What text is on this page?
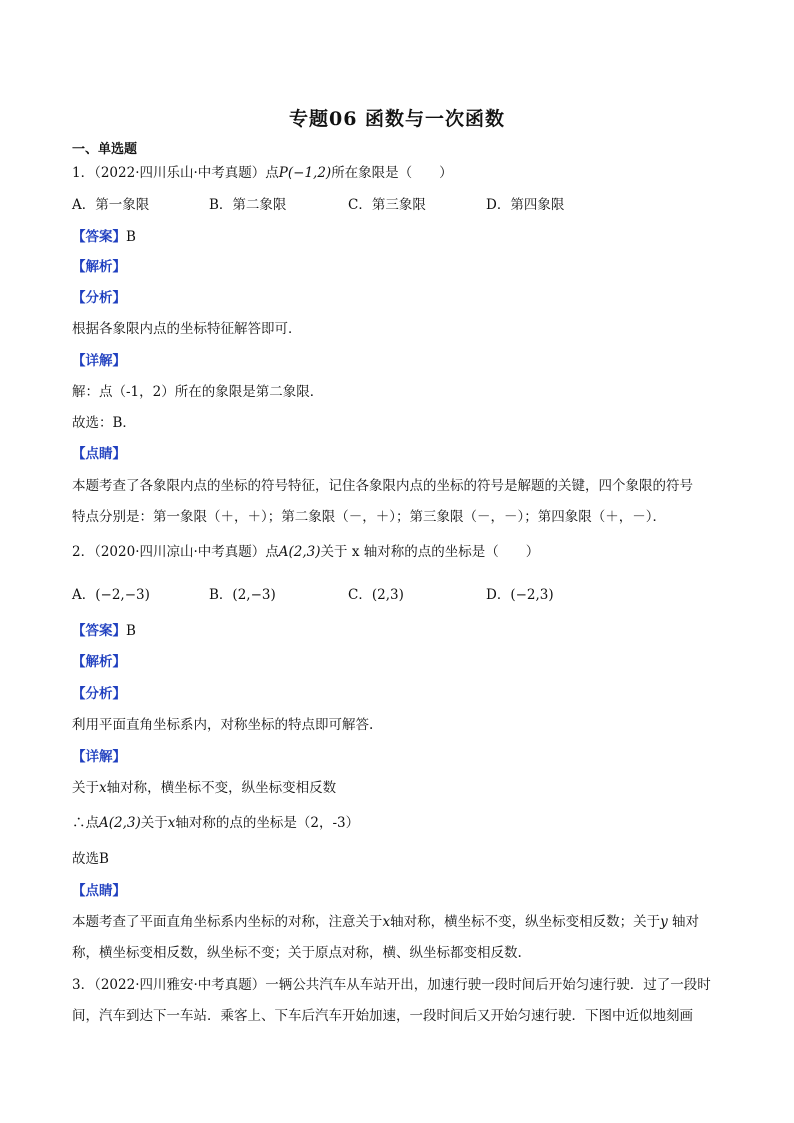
专题06 函数与一次函数
一、单选题
1．（2022·四川乐山·中考真题）点P(−1,2)所在象限是（　　）
A．第一象限	B．第二象限	C．第三象限	D．第四象限
【答案】B
【解析】
【分析】
根据各象限内点的坐标特征解答即可．
【详解】
解：点（-1，2）所在的象限是第二象限．
故选：B．
【点睛】
本题考查了各象限内点的坐标的符号特征，记住各象限内点的坐标的符号是解题的关键，四个象限的符号
特点分别是：第一象限（＋，＋）；第二象限（－，＋）；第三象限（－，－）；第四象限（＋，－）．
2．（2020·四川凉山·中考真题）点A(2,3)关于 x 轴对称的点的坐标是（　　）
A．(−2,−3)	B．(2,−3)	C．(2,3)	D．(−2,3)
【答案】B
【解析】
【分析】
利用平面直角坐标系内，对称坐标的特点即可解答.
【详解】
关于x轴对称，横坐标不变，纵坐标变相反数
∴点A(2,3)关于x轴对称的点的坐标是（2，-3）
故选B
【点睛】
本题考查了平面直角坐标系内坐标的对称，注意关于x轴对称，横坐标不变，纵坐标变相反数；关于y 轴对
称，横坐标变相反数，纵坐标不变；关于原点对称，横、纵坐标都变相反数.
3．（2022·四川雅安·中考真题）一辆公共汽车从车站开出，加速行驶一段时间后开始匀速行驶．过了一段时
间，汽车到达下一车站．乘客上、下车后汽车开始加速，一段时间后又开始匀速行驶．下图中近似地刻画
